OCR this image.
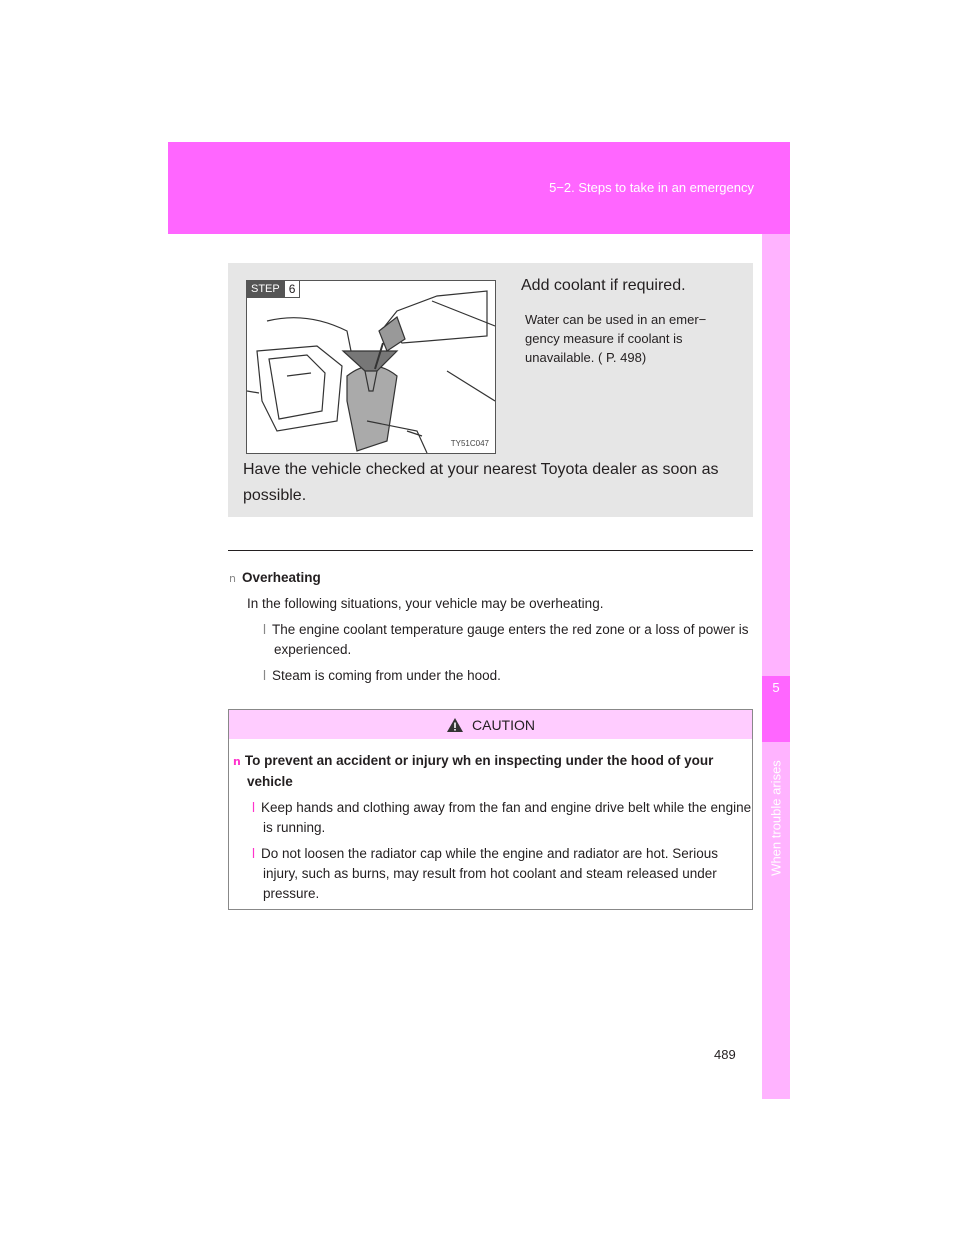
5−2. Steps to take in an emergency
5
When trouble arises
STEP 6
TY51C047
Add coolant if required.
Water can be used in an emer− gency measure if coolant is unavailable. ( P. 498)
Have the vehicle checked at your nearest Toyota dealer as soon as possible.
n Overheating
In the following situations, your vehicle may be overheating.
l The engine coolant temperature gauge enters the red zone or a loss of power is experienced.
l Steam is coming from under the hood.
CAUTION
n To prevent an accident or injury wh en inspecting under the hood of your vehicle
l Keep hands and clothing away from the fan and engine drive belt while the engine is running.
l Do not loosen the radiator cap while the engine and radiator are hot. Serious injury, such as burns, may result from hot coolant and steam released under pressure.
489
